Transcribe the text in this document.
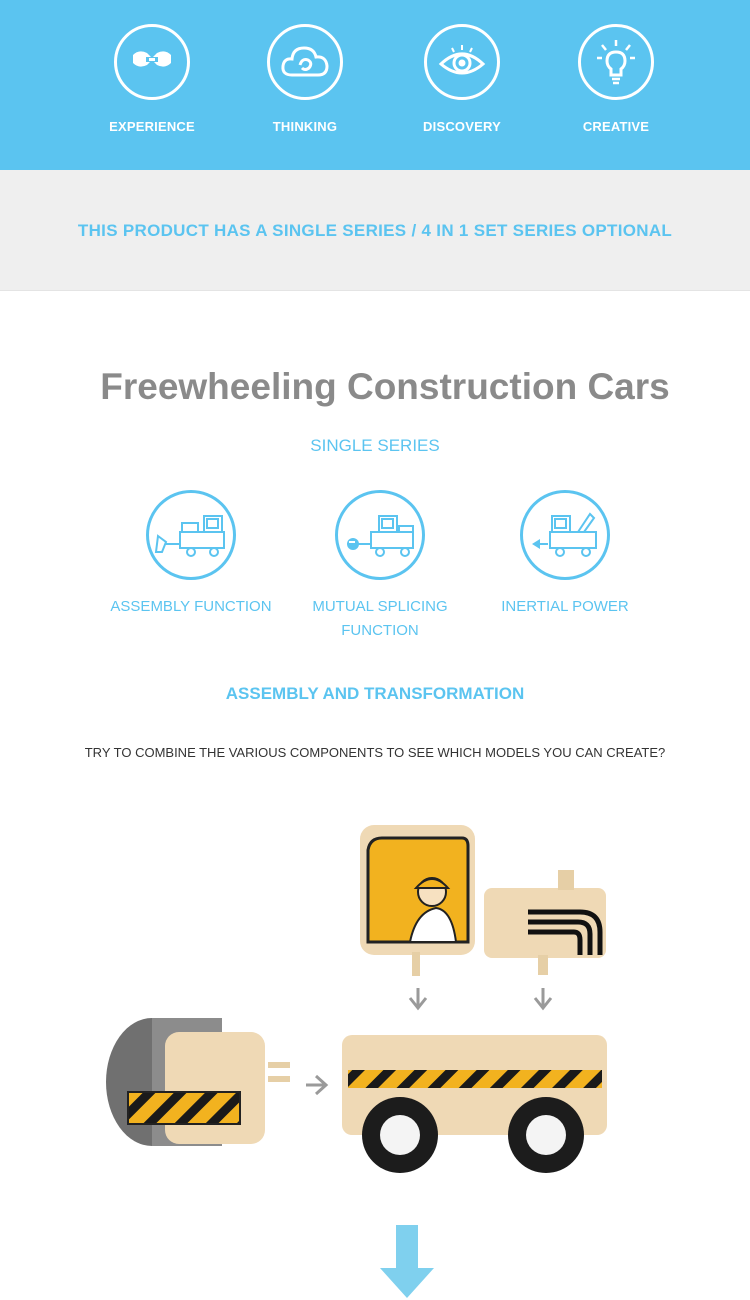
EXPERIENCE	THINKING	DISCOVERY	CREATIVE
THIS PRODUCT HAS A SINGLE SERIES / 4 IN 1 SET SERIES OPTIONAL
Freewheeling Construction Cars
SINGLE SERIES
ASSEMBLY FUNCTION	MUTUAL SPLICING
FUNCTION
INERTIAL POWER

ASSEMBLY AND TRANSFORMATION
TRY TO COMBINE THE VARIOUS COMPONENTS TO SEE WHICH MODELS YOU CAN CREATE?
